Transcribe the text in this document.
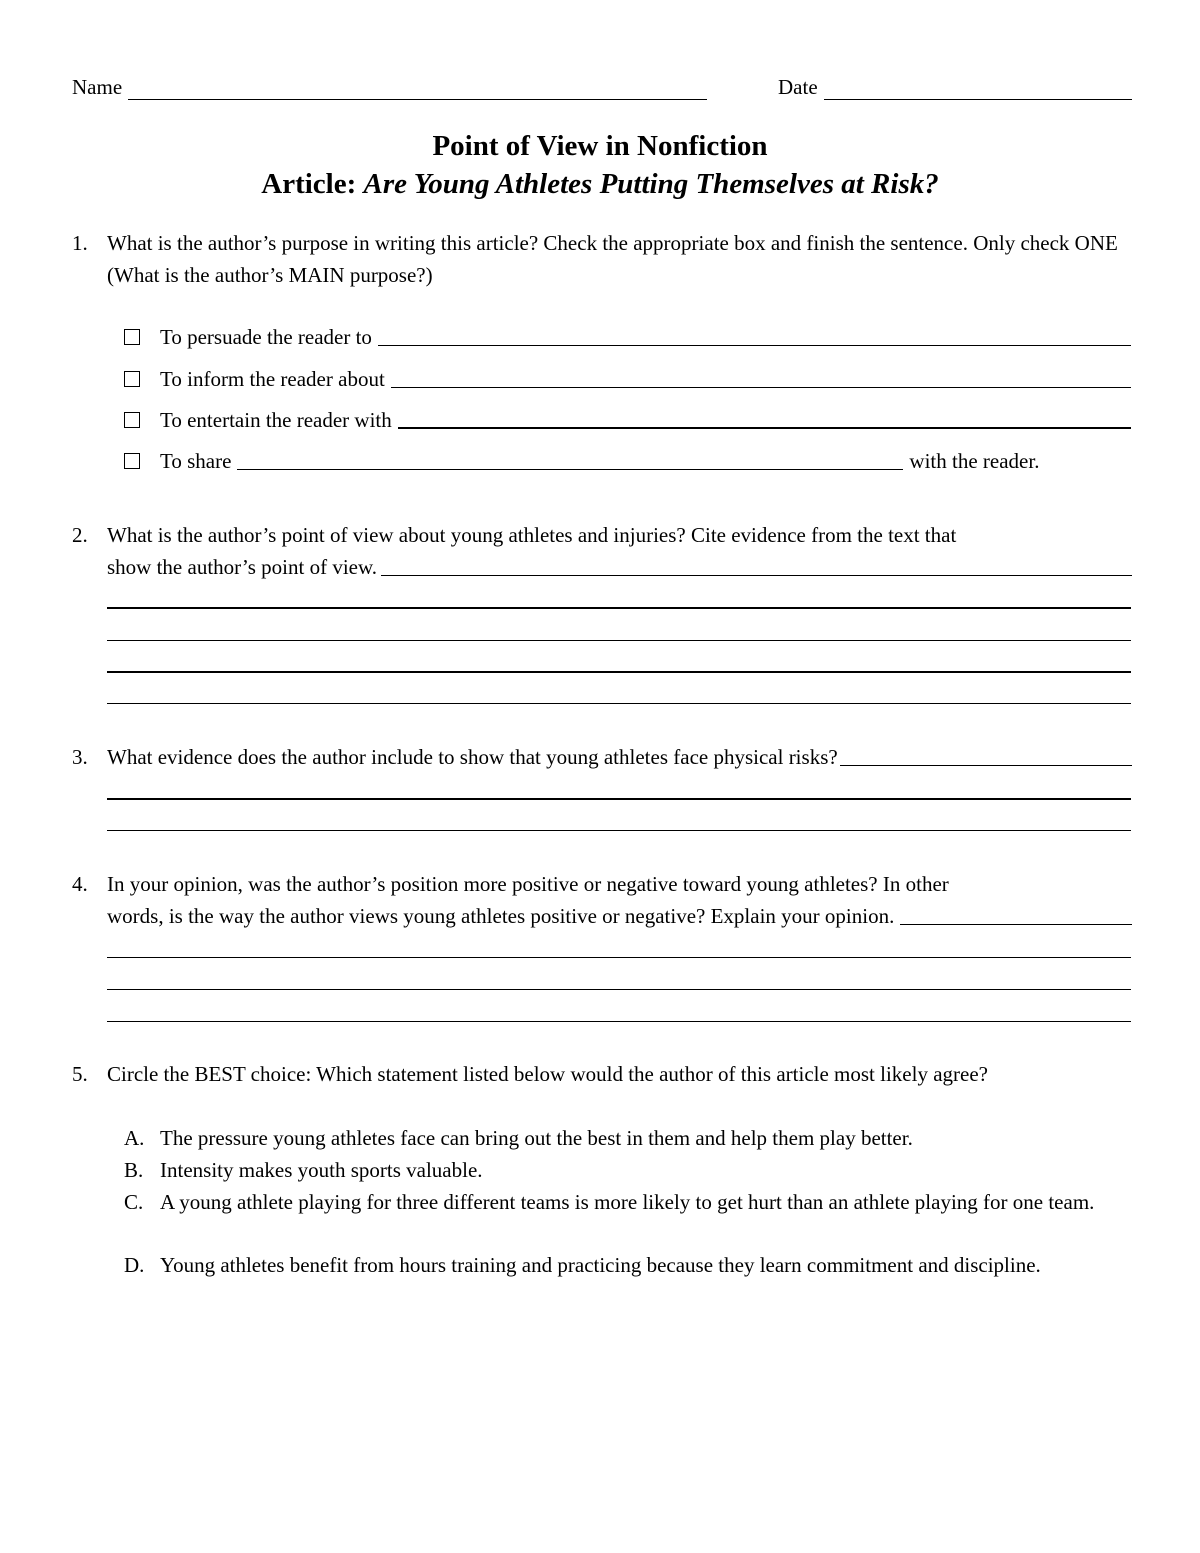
Name	Date
Point of View in Nonfiction
Article: Are Young Athletes Putting Themselves at Risk?
1. What is the author’s purpose in writing this article? Check the appropriate box and finish the sentence. Only check ONE (What is the author’s MAIN purpose?)
To persuade the reader to
To inform the reader about
To entertain the reader with
To share	with the reader.
2. What is the author’s point of view about young athletes and injuries? Cite evidence from the text that
show the author’s point of view.
3. What evidence does the author include to show that young athletes face physical risks?
4. In your opinion, was the author’s position more positive or negative toward young athletes? In other
words, is the way the author views young athletes positive or negative? Explain your opinion.
5. Circle the BEST choice: Which statement listed below would the author of this article most likely agree?
A. The pressure young athletes face can bring out the best in them and help them play better.
B. Intensity makes youth sports valuable.
C. A young athlete playing for three different teams is more likely to get hurt than an athlete playing for one team.
D. Young athletes benefit from hours training and practicing because they learn commitment and discipline.
